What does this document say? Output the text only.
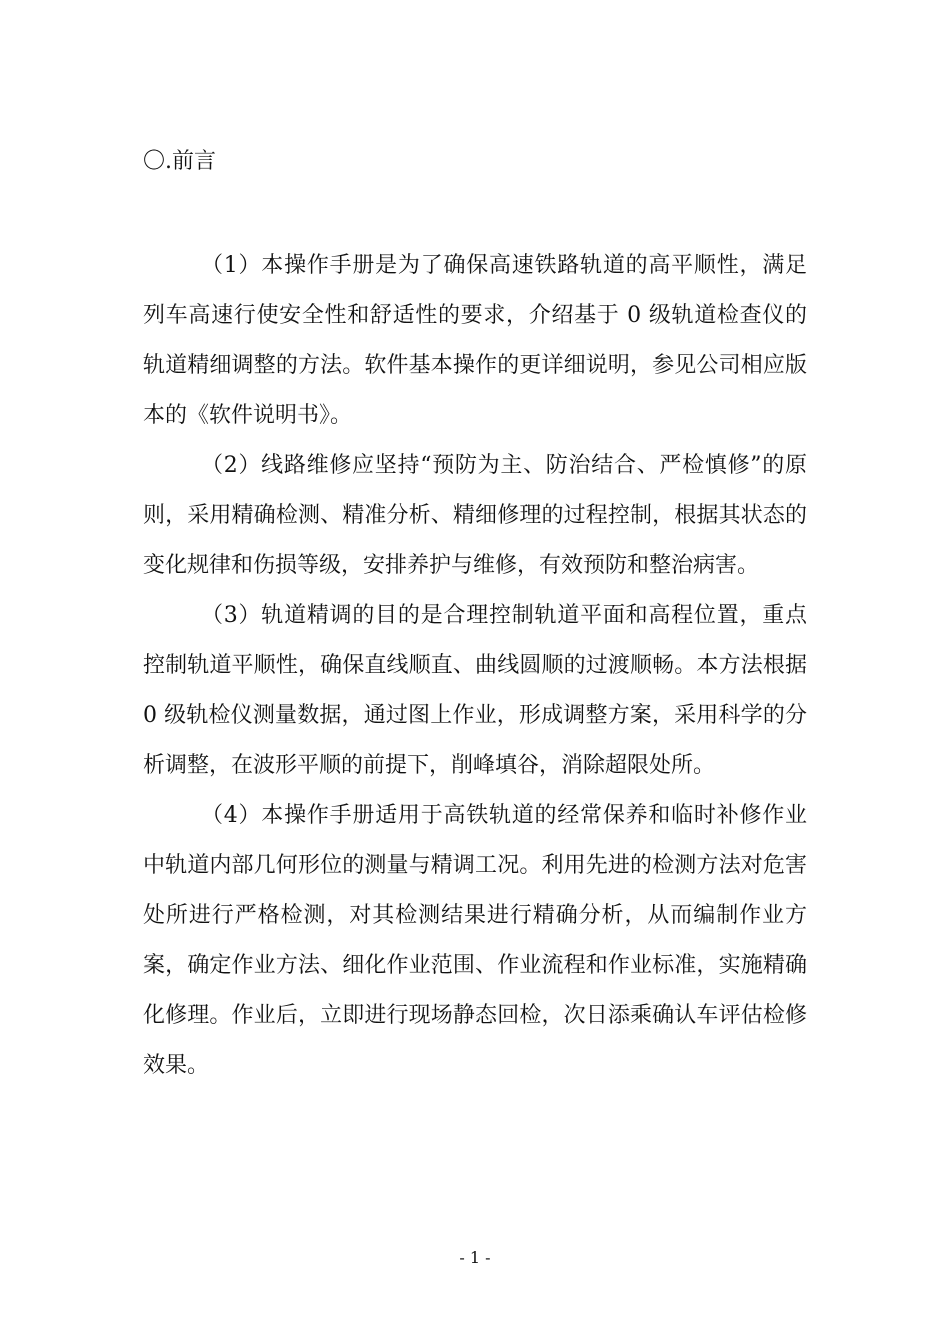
〇.前言

（1）本操作手册是为了确保高速铁路轨道的高平顺性，满足列车高速行使安全性和舒适性的要求，介绍基于 0 级轨道检查仪的轨道精细调整的方法。软件基本操作的更详细说明，参见公司相应版本的《软件说明书》。

（2）线路维修应坚持“预防为主、防治结合、严检慎修”的原则，采用精确检测、精准分析、精细修理的过程控制，根据其状态的变化规律和伤损等级，安排养护与维修，有效预防和整治病害。

（3）轨道精调的目的是合理控制轨道平面和高程位置，重点控制轨道平顺性，确保直线顺直、曲线圆顺的过渡顺畅。本方法根据 0 级轨检仪测量数据，通过图上作业，形成调整方案，采用科学的分析调整，在波形平顺的前提下，削峰填谷，消除超限处所。

（4）本操作手册适用于高铁轨道的经常保养和临时补修作业中轨道内部几何形位的测量与精调工况。利用先进的检测方法对危害处所进行严格检测，对其检测结果进行精确分析，从而编制作业方案，确定作业方法、细化作业范围、作业流程和作业标准，实施精确化修理。作业后，立即进行现场静态回检，次日添乘确认车评估检修效果。

- 1 -
